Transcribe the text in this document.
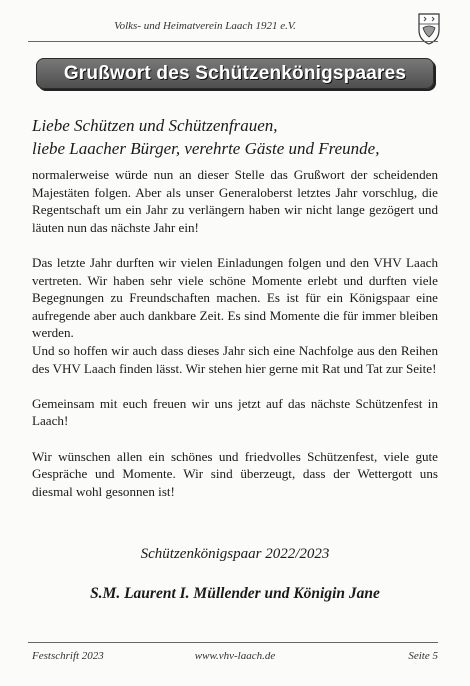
Volks- und Heimatverein Laach 1921 e.V.
Grußwort des Schützenkönigspaares
Liebe Schützen und Schützenfrauen,
liebe Laacher Bürger, verehrte Gäste und Freunde,

normalerweise würde nun an dieser Stelle das Grußwort der scheidenden Majestäten folgen. Aber als unser Generaloberst letztes Jahr vorschlug, die Regentschaft um ein Jahr zu verlängern haben wir nicht lange gezögert und läuten nun das nächste Jahr ein!

Das letzte Jahr durften wir vielen Einladungen folgen und den VHV Laach vertreten. Wir haben sehr viele schöne Momente erlebt und durften viele Begegnungen zu Freundschaften machen. Es ist für ein Königspaar eine aufregende aber auch dankbare Zeit. Es sind Momente die für immer bleiben werden.

Und so hoffen wir auch dass dieses Jahr sich eine Nachfolge aus den Reihen des VHV Laach finden lässt. Wir stehen hier gerne mit Rat und Tat zur Seite!

Gemeinsam mit euch freuen wir uns jetzt auf das nächste Schützenfest in Laach!

Wir wünschen allen ein schönes und friedvolles Schützenfest, viele gute Gespräche und Momente. Wir sind überzeugt, dass der Wettergott uns diesmal wohl gesonnen ist!

Schützenkönigspaar 2022/2023
S.M. Laurent I. Müllender und Königin Jane
Festschrift 2023	www.vhv-laach.de	Seite 5
